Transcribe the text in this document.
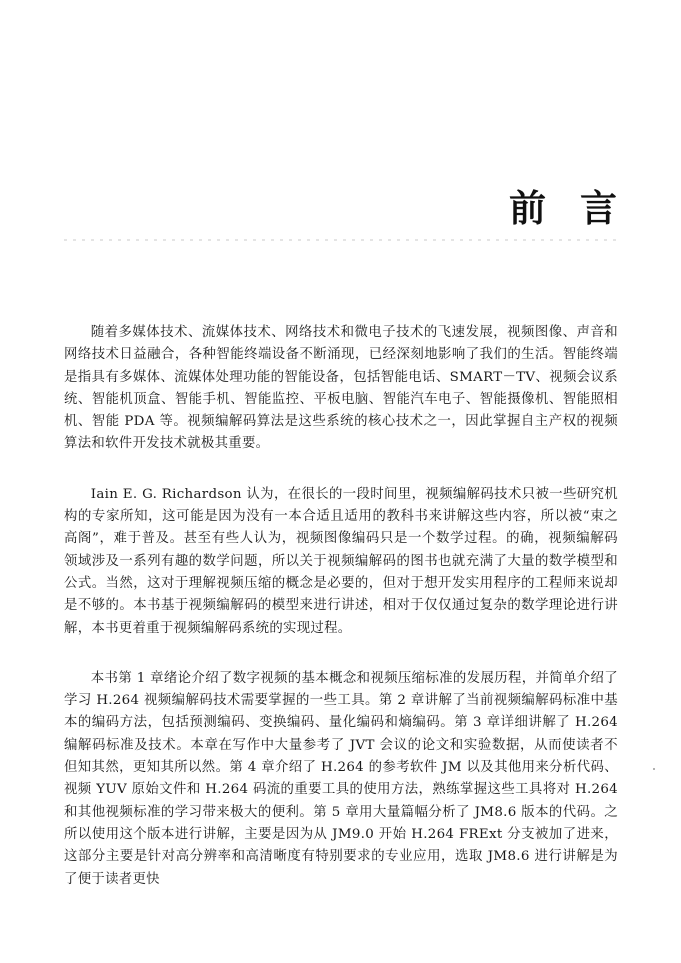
前言

随着多媒体技术、流媒体技术、网络技术和微电子技术的飞速发展，视频图像、声音和网络技术日益融合，各种智能终端设备不断涌现，已经深刻地影响了我们的生活。智能终端是指具有多媒体、流媒体处理功能的智能设备，包括智能电话、SMART－TV、视频会议系统、智能机顶盒、智能手机、智能监控、平板电脑、智能汽车电子、智能摄像机、智能照相机、智能 PDA 等。视频编解码算法是这些系统的核心技术之一，因此掌握自主产权的视频算法和软件开发技术就极其重要。

Iain E. G. Richardson 认为，在很长的一段时间里，视频编解码技术只被一些研究机构的专家所知，这可能是因为没有一本合适且适用的教科书来讲解这些内容，所以被“束之高阁”，难于普及。甚至有些人认为，视频图像编码只是一个数学过程。的确，视频编解码领域涉及一系列有趣的数学问题，所以关于视频编解码的图书也就充满了大量的数学模型和公式。当然，这对于理解视频压缩的概念是必要的，但对于想开发实用程序的工程师来说却是不够的。本书基于视频编解码的模型来进行讲述，相对于仅仅通过复杂的数学理论进行讲解，本书更着重于视频编解码系统的实现过程。

本书第 1 章绪论介绍了数字视频的基本概念和视频压缩标准的发展历程，并简单介绍了学习 H.264 视频编解码技术需要掌握的一些工具。第 2 章讲解了当前视频编解码标准中基本的编码方法，包括预测编码、变换编码、量化编码和熵编码。第 3 章详细讲解了 H.264 编解码标准及技术。本章在写作中大量参考了 JVT 会议的论文和实验数据，从而使读者不但知其然，更知其所以然。第 4 章介绍了 H.264 的参考软件 JM 以及其他用来分析代码、视频 YUV 原始文件和 H.264 码流的重要工具的使用方法，熟练掌握这些工具将对 H.264 和其他视频标准的学习带来极大的便利。第 5 章用大量篇幅分析了 JM8.6 版本的代码。之所以使用这个版本进行讲解，主要是因为从 JM9.0 开始 H.264 FRExt 分支被加了进来，这部分主要是针对高分辨率和高清晰度有特别要求的专业应用，选取 JM8.6 进行讲解是为了便于读者更快
